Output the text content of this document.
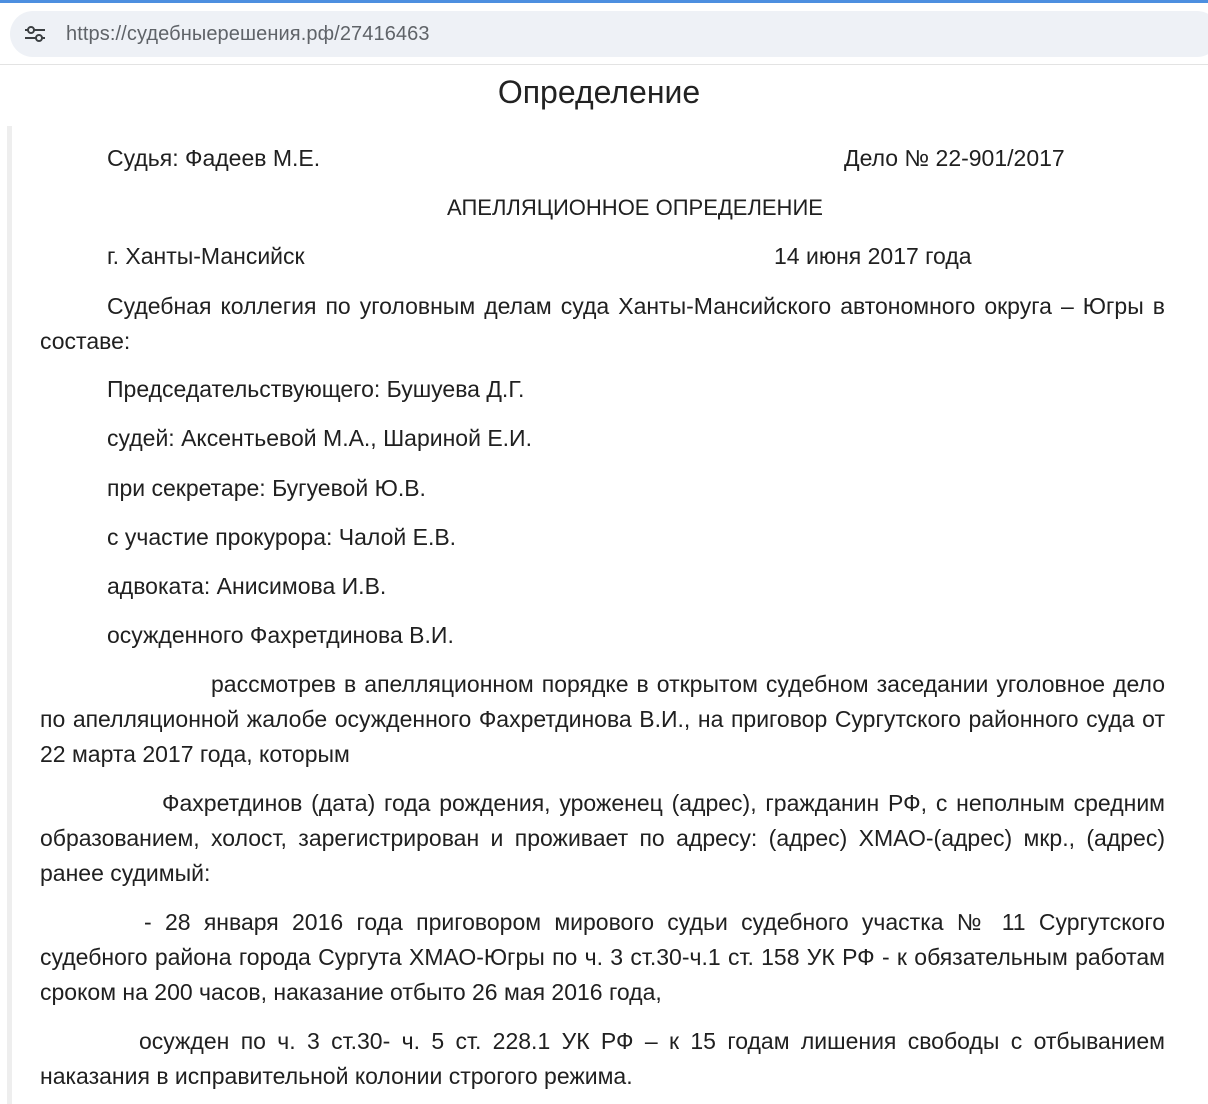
https://судебныерешения.рф/27416463
Определение
Судья: Фадеев М.Е.	Дело № 22-901/2017
АПЕЛЛЯЦИОННОЕ ОПРЕДЕЛЕНИЕ
г. Ханты-Мансийск	14 июня 2017 года
Судебная коллегия по уголовным делам суда Ханты-Мансийского автономного округа – Югры в составе:
Председательствующего: Бушуева Д.Г.
судей: Аксентьевой М.А., Шариной Е.И.
при секретаре: Бугуевой Ю.В.
с участие прокурора: Чалой Е.В.
адвоката: Анисимова И.В.
осужденного Фахретдинова В.И.
рассмотрев в апелляционном порядке в открытом судебном заседании уголовное дело по апелляционной жалобе осужденного Фахретдинова В.И., на приговор Сургутского районного суда от 22 марта 2017 года, которым
Фахретдинов (дата) года рождения, уроженец (адрес), гражданин РФ, с неполным средним образованием, холост, зарегистрирован и проживает по адресу: (адрес) ХМАО-(адрес) мкр., (адрес) ранее судимый:
- 28 января 2016 года приговором мирового судьи судебного участка № 11 Сургутского судебного района города Сургута ХМАО-Югры по ч. 3 ст.30-ч.1 ст. 158 УК РФ - к обязательным работам сроком на 200 часов, наказание отбыто 26 мая 2016 года,
осужден по ч. 3 ст.30- ч. 5 ст. 228.1 УК РФ – к 15 годам лишения свободы с отбыванием наказания в исправительной колонии строгого режима.
